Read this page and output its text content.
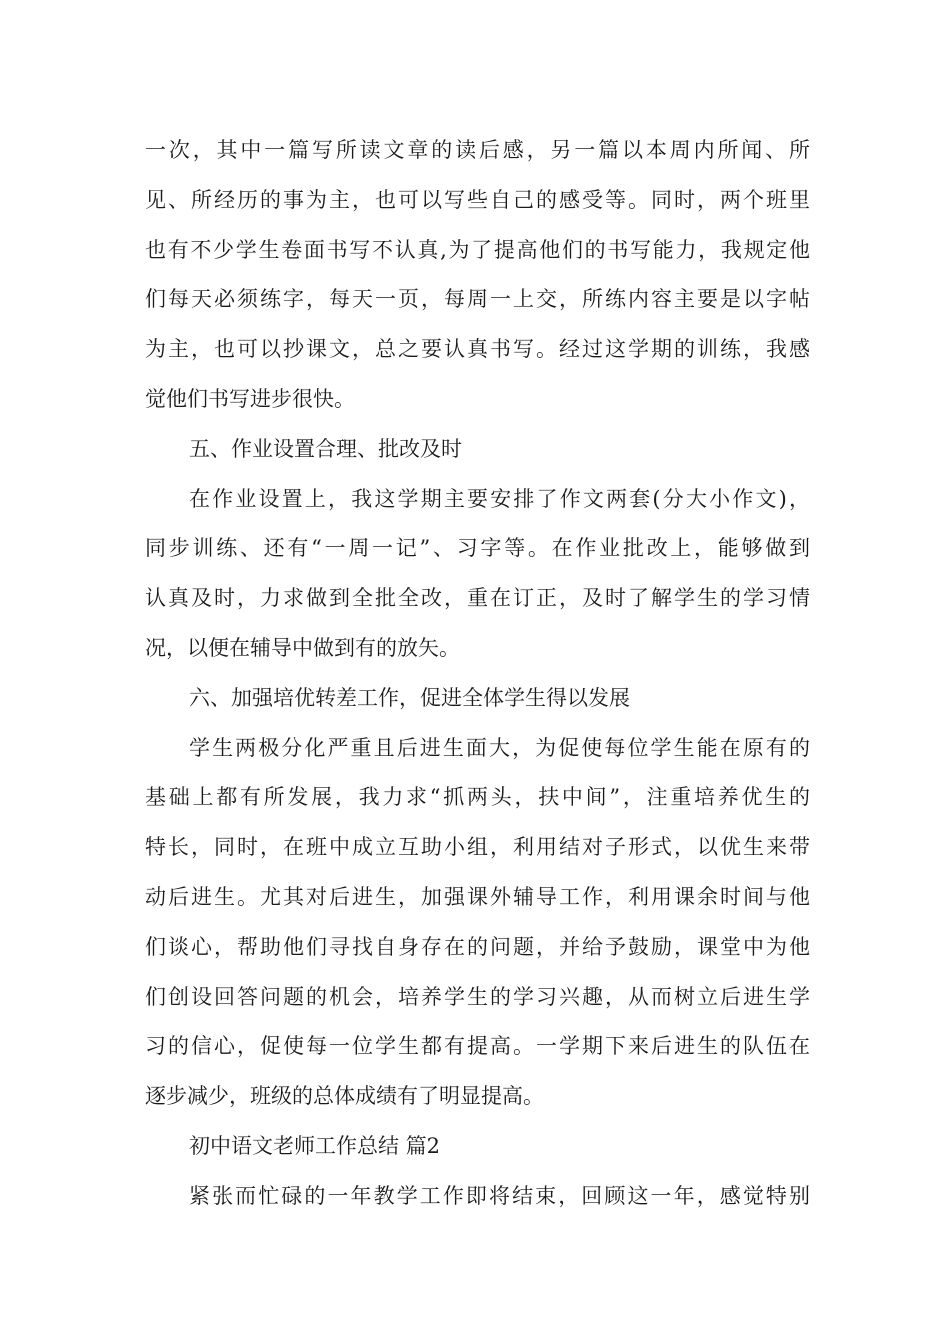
一次，其中一篇写所读文章的读后感，另一篇以本周内所闻、所
见、所经历的事为主，也可以写些自己的感受等。同时，两个班里
也有不少学生卷面书写不认真,为了提高他们的书写能力，我规定他
们每天必须练字，每天一页，每周一上交，所练内容主要是以字帖
为主，也可以抄课文，总之要认真书写。经过这学期的训练，我感
觉他们书写进步很快。
五、作业设置合理、批改及时
在作业设置上，我这学期主要安排了作文两套(分大小作文)，
同步训练、还有“一周一记”、习字等。在作业批改上，能够做到
认真及时，力求做到全批全改，重在订正，及时了解学生的学习情
况，以便在辅导中做到有的放矢。
六、加强培优转差工作，促进全体学生得以发展
学生两极分化严重且后进生面大，为促使每位学生能在原有的
基础上都有所发展，我力求“抓两头，扶中间”，注重培养优生的
特长，同时，在班中成立互助小组，利用结对子形式，以优生来带
动后进生。尤其对后进生，加强课外辅导工作，利用课余时间与他
们谈心，帮助他们寻找自身存在的问题，并给予鼓励，课堂中为他
们创设回答问题的机会，培养学生的学习兴趣，从而树立后进生学
习的信心，促使每一位学生都有提高。一学期下来后进生的队伍在
逐步减少，班级的总体成绩有了明显提高。
初中语文老师工作总结 篇2
紧张而忙碌的一年教学工作即将结束，回顾这一年，感觉特别
